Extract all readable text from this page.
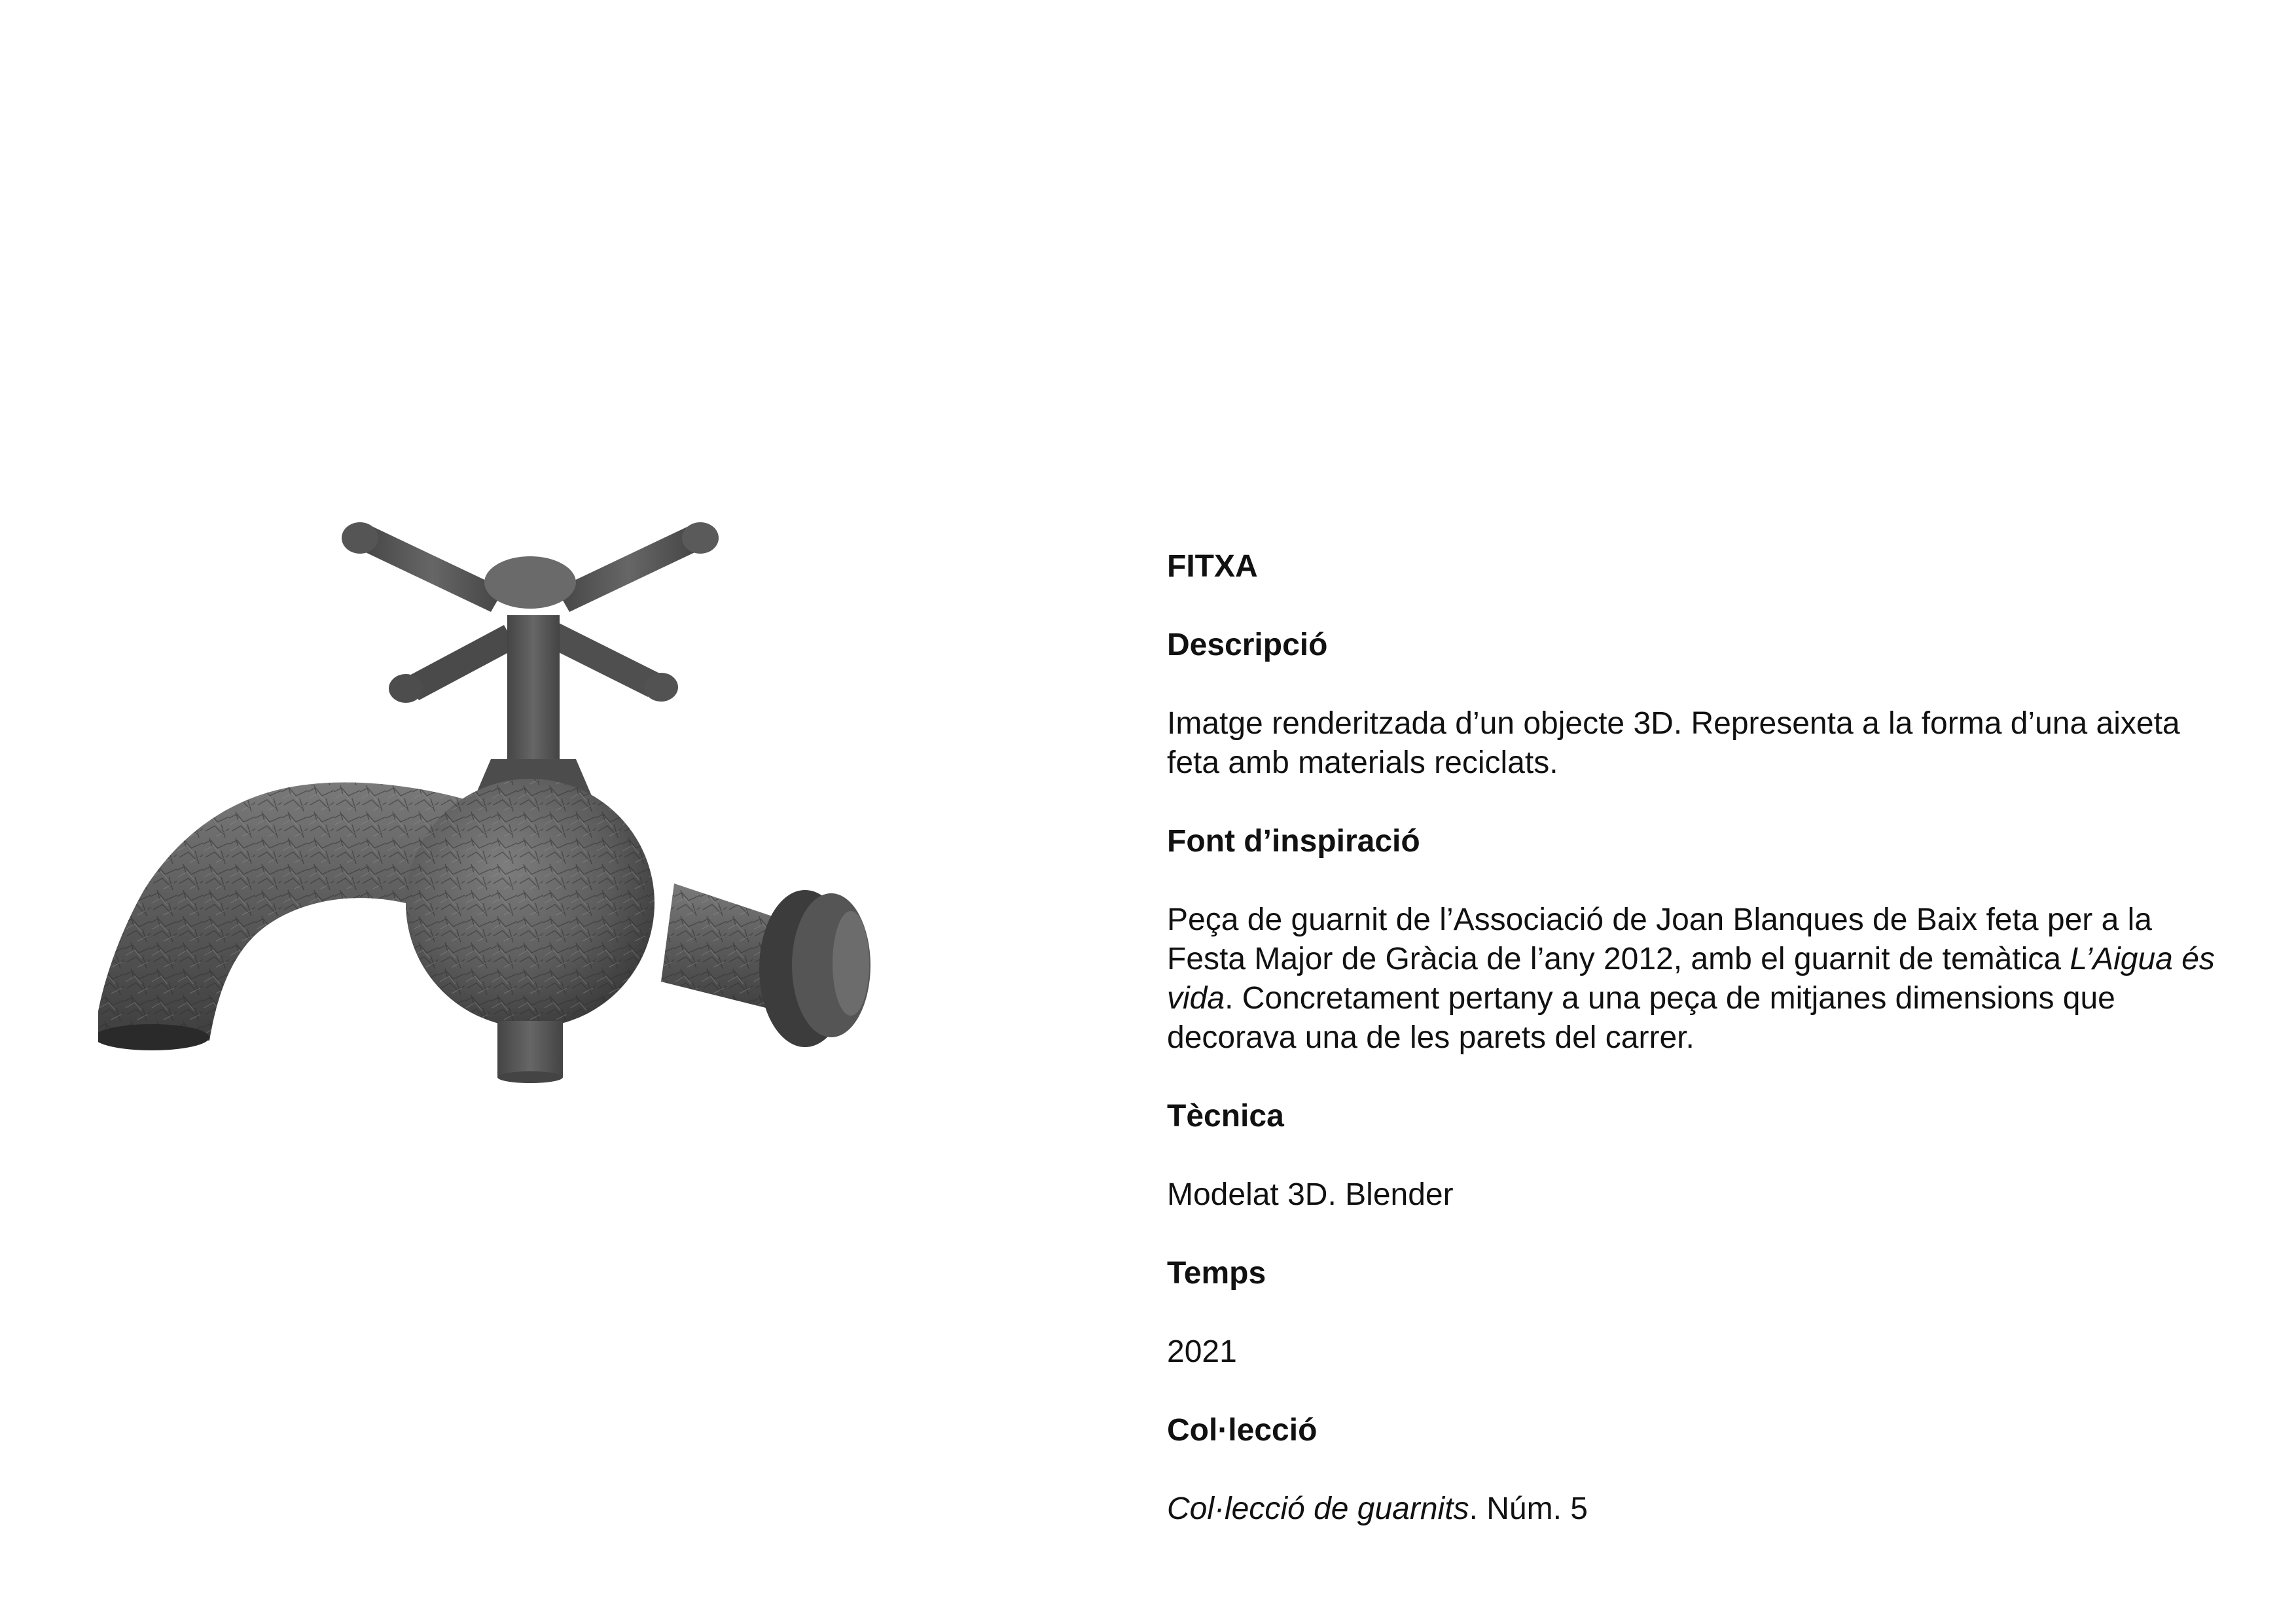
FITXA

Descripció

Imatge renderitzada d’un objecte 3D. Representa a la forma d’una aixeta feta amb materials reciclats.

Font d’inspiració

Peça de guarnit de l’Associació de Joan Blanques de Baix feta per a la Festa Major de Gràcia de l’any 2012, amb el guarnit de temàtica L’Aigua és vida. Concretament pertany a una peça de mitjanes dimensions que decorava una de les parets del carrer.

Tècnica

Modelat 3D. Blender

Temps

2021

Col·lecció

Col·lecció de guarnits. Núm. 5
